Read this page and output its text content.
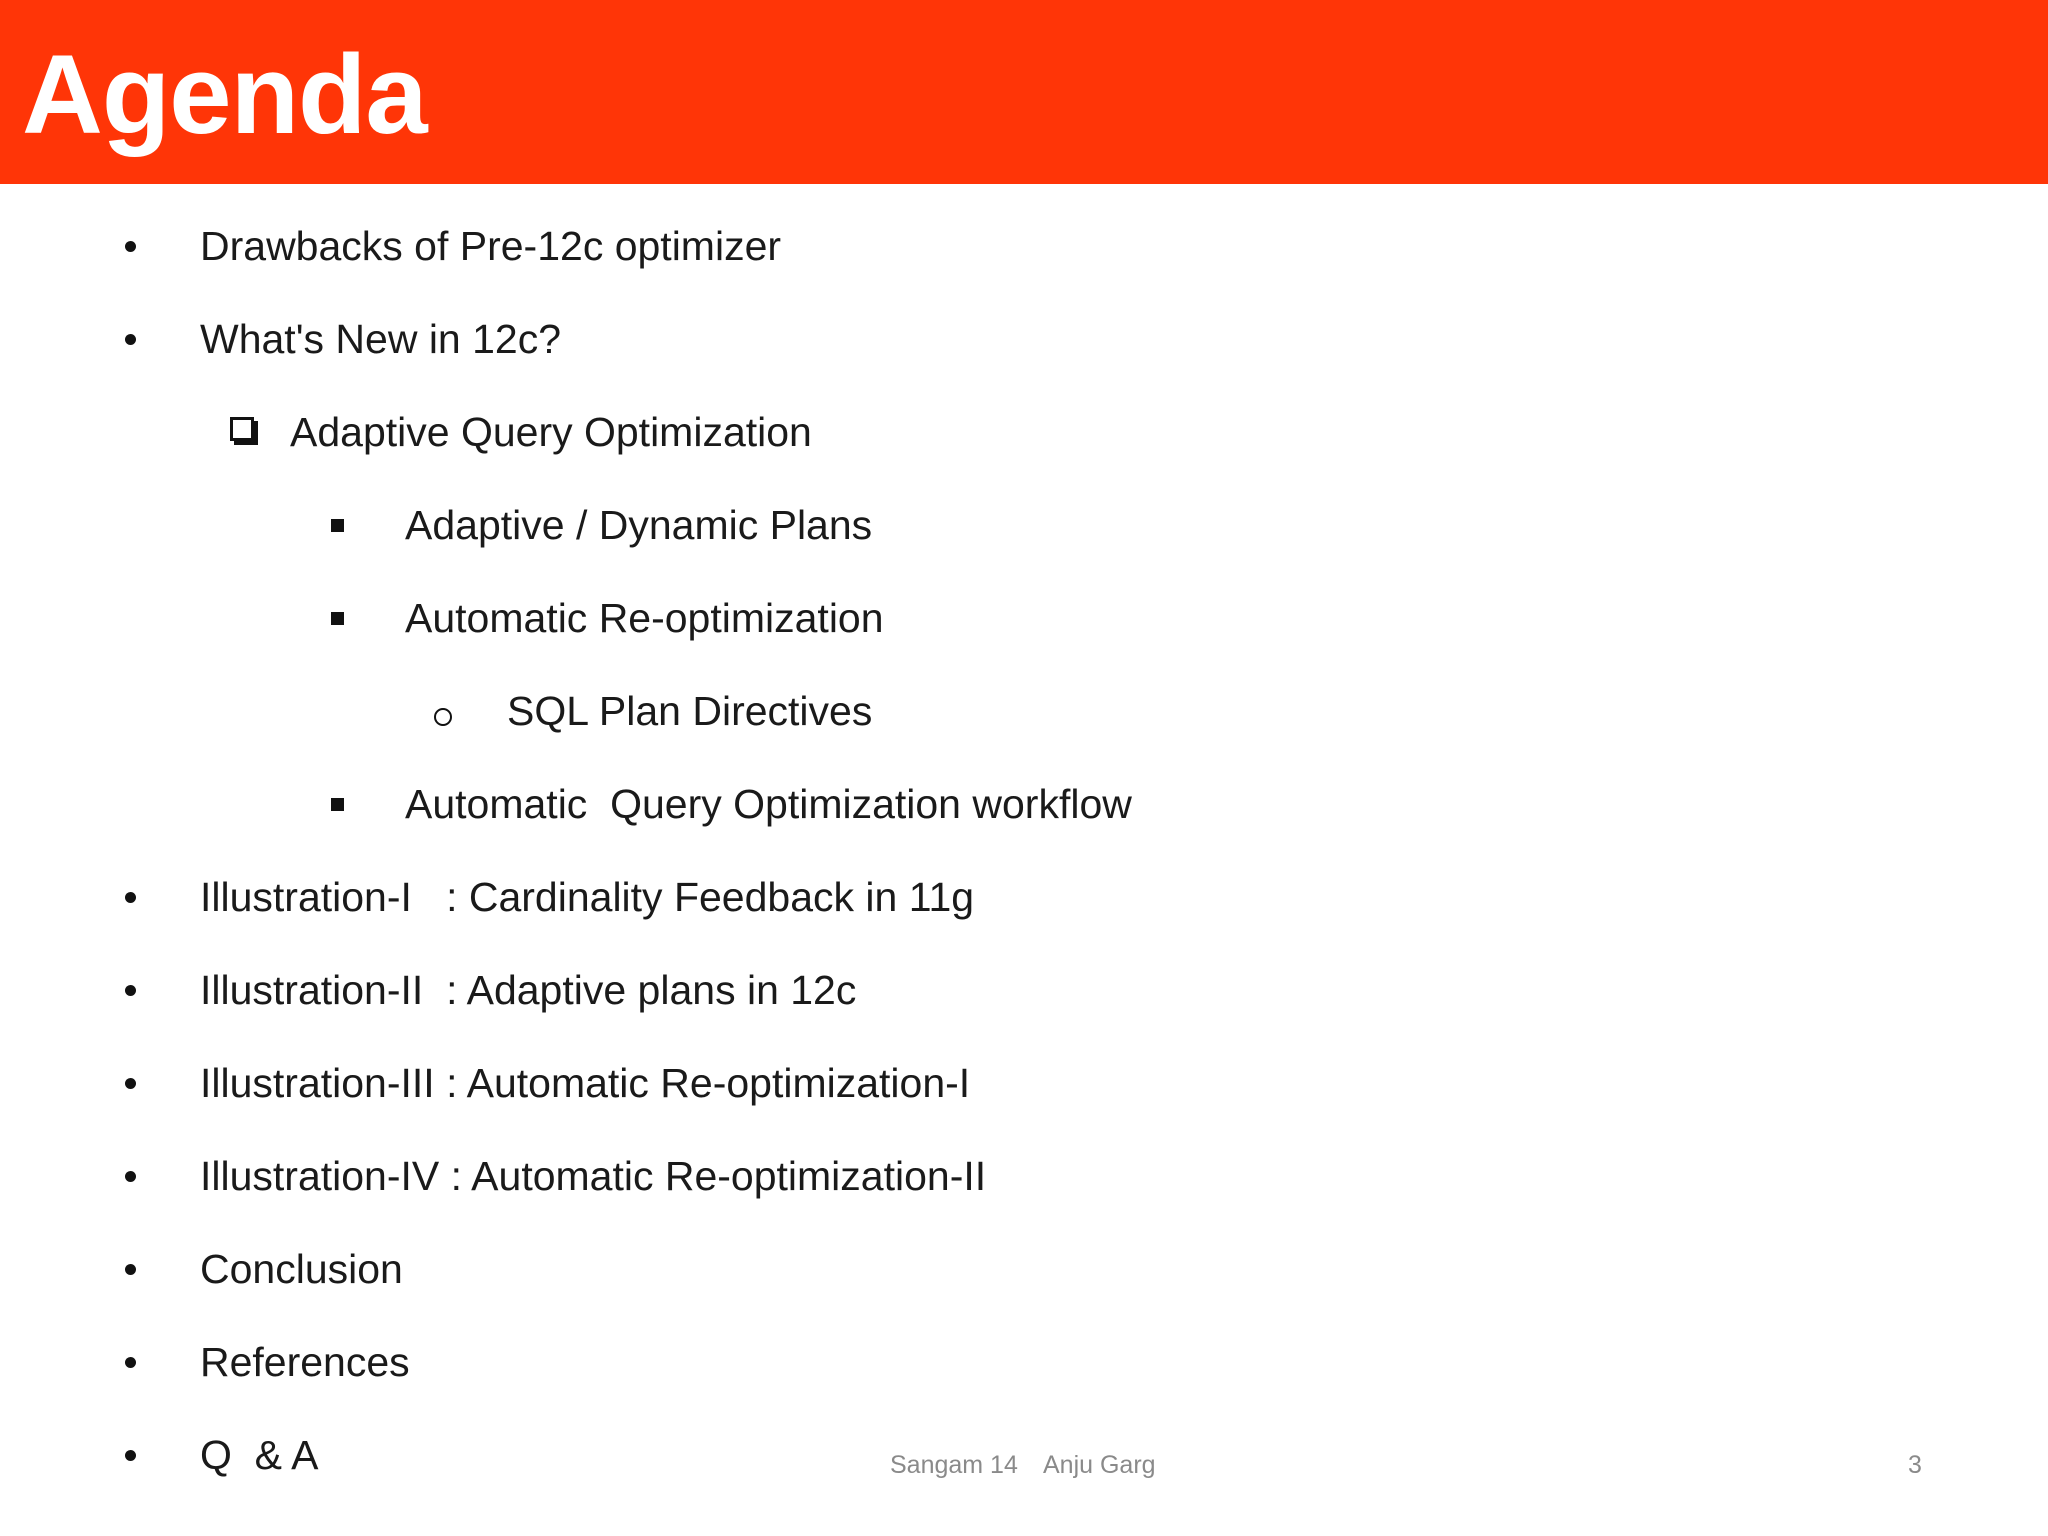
Agenda

Drawbacks of Pre-12c optimizer

What's New in 12c?

Adaptive Query Optimization

Adaptive / Dynamic Plans

Automatic Re-optimization

SQL Plan Directives

Automatic  Query Optimization workflow

Illustration-I   : Cardinality Feedback in 11g

Illustration-II  : Adaptive plans in 12c

Illustration-III : Automatic Re-optimization-I

Illustration-IV : Automatic Re-optimization-II

Conclusion

References

Q  & A

	Sangam 14 Anju Garg	3
